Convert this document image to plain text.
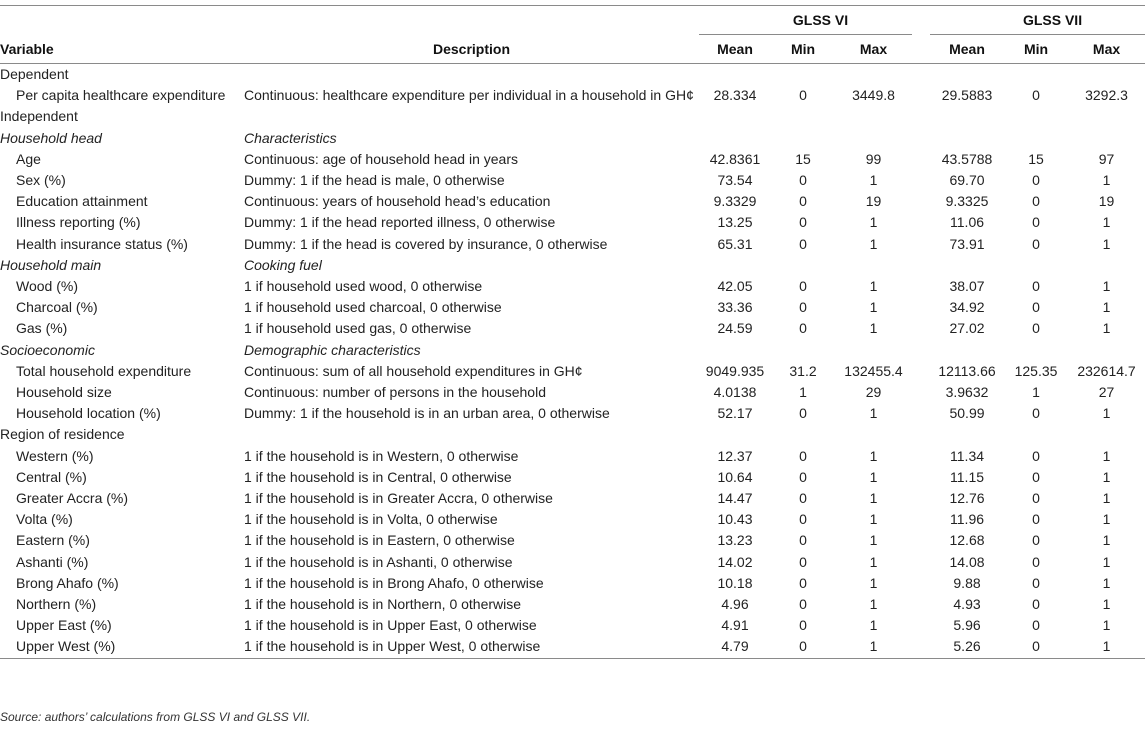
		GLSS VI				GLSS VII		
Variable	Description	Mean	Min	Max		Mean	Min	Max
Dependent								
Per capita healthcare expenditure	Continuous: healthcare expenditure per individual in a household in GH¢	28.334	0	3449.8		29.5883	0	3292.3
Independent								
Household head	Characteristics							
Age	Continuous: age of household head in years	42.8361	15	99		43.5788	15	97
Sex (%)	Dummy: 1 if the head is male, 0 otherwise	73.54	0	1		69.70	0	1
Education attainment	Continuous: years of household head’s education	9.3329	0	19		9.3325	0	19
Illness reporting (%)	Dummy: 1 if the head reported illness, 0 otherwise	13.25	0	1		11.06	0	1
Health insurance status (%)	Dummy: 1 if the head is covered by insurance, 0 otherwise	65.31	0	1		73.91	0	1
Household main	Cooking fuel							
Wood (%)	1 if household used wood, 0 otherwise	42.05	0	1		38.07	0	1
Charcoal (%)	1 if household used charcoal, 0 otherwise	33.36	0	1		34.92	0	1
Gas (%)	1 if household used gas, 0 otherwise	24.59	0	1		27.02	0	1
Socioeconomic	Demographic characteristics							
Total household expenditure	Continuous: sum of all household expenditures in GH¢	9049.935	31.2	132455.4		12113.66	125.35	232614.7
Household size	Continuous: number of persons in the household	4.0138	1	29		3.9632	1	27
Household location (%)	Dummy: 1 if the household is in an urban area, 0 otherwise	52.17	0	1		50.99	0	1
Region of residence								
Western (%)	1 if the household is in Western, 0 otherwise	12.37	0	1		11.34	0	1
Central (%)	1 if the household is in Central, 0 otherwise	10.64	0	1		11.15	0	1
Greater Accra (%)	1 if the household is in Greater Accra, 0 otherwise	14.47	0	1		12.76	0	1
Volta (%)	1 if the household is in Volta, 0 otherwise	10.43	0	1		11.96	0	1
Eastern (%)	1 if the household is in Eastern, 0 otherwise	13.23	0	1		12.68	0	1
Ashanti (%)	1 if the household is in Ashanti, 0 otherwise	14.02	0	1		14.08	0	1
Brong Ahafo (%)	1 if the household is in Brong Ahafo, 0 otherwise	10.18	0	1		9.88	0	1
Northern (%)	1 if the household is in Northern, 0 otherwise	4.96	0	1		4.93	0	1
Upper East (%)	1 if the household is in Upper East, 0 otherwise	4.91	0	1		5.96	0	1
Upper West (%)	1 if the household is in Upper West, 0 otherwise	4.79	0	1		5.26	0	1
Source: authors’ calculations from GLSS VI and GLSS VII.
